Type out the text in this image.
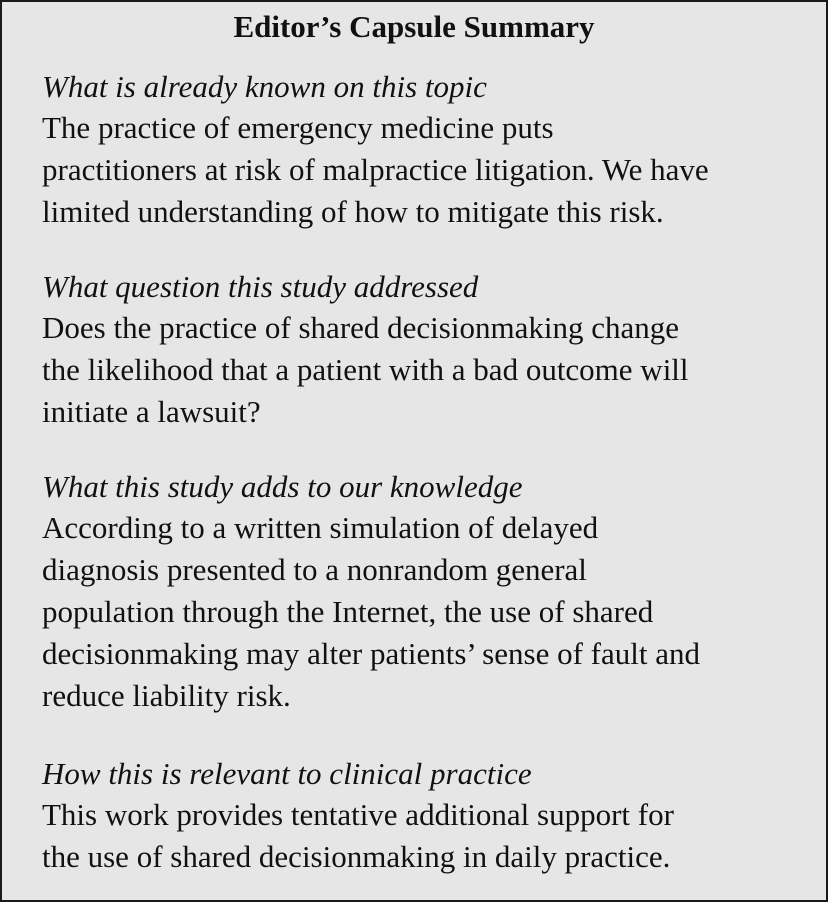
Editor’s Capsule Summary
What is already known on this topic
The practice of emergency medicine puts
practitioners at risk of malpractice litigation. We have
limited understanding of how to mitigate this risk.
What question this study addressed
Does the practice of shared decisionmaking change
the likelihood that a patient with a bad outcome will
initiate a lawsuit?
What this study adds to our knowledge
According to a written simulation of delayed
diagnosis presented to a nonrandom general
population through the Internet, the use of shared
decisionmaking may alter patients’ sense of fault and
reduce liability risk.
How this is relevant to clinical practice
This work provides tentative additional support for
the use of shared decisionmaking in daily practice.
